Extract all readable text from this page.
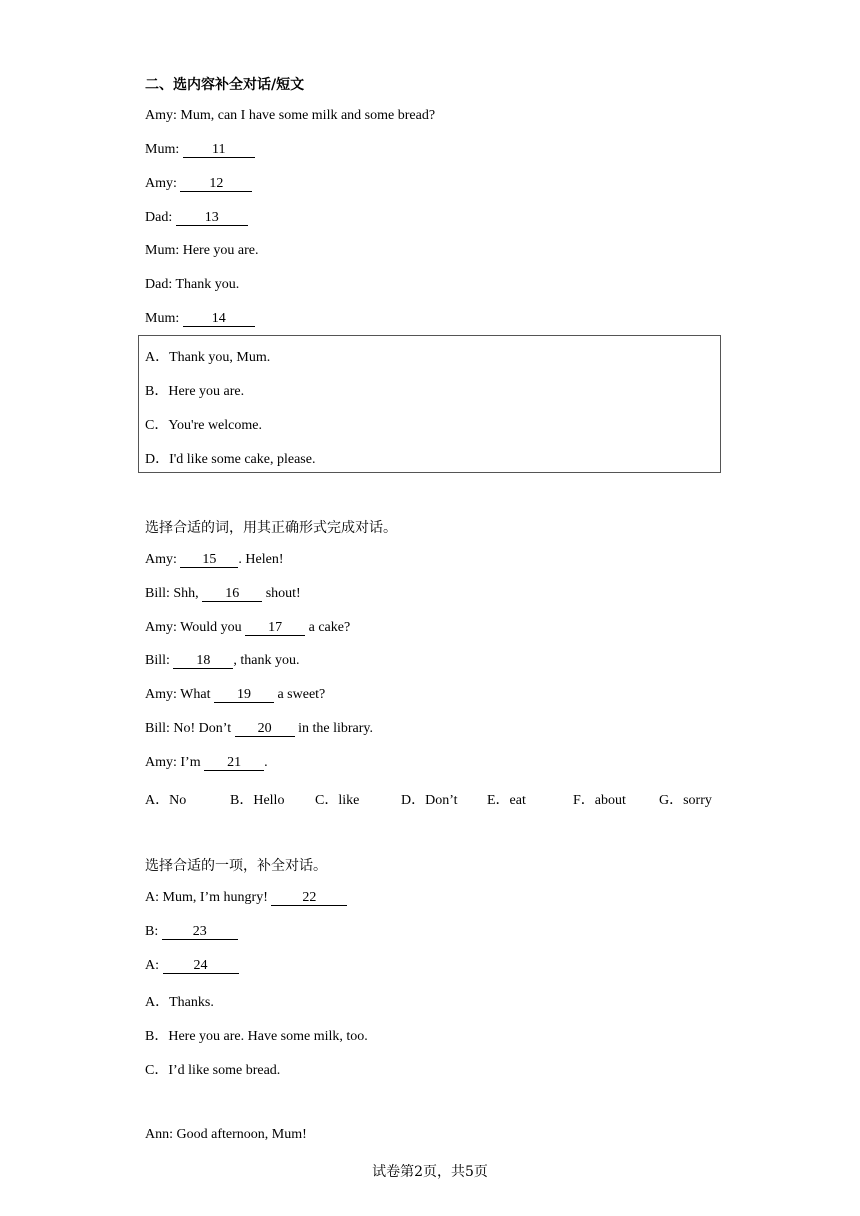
二、选内容补全对话/短文
Amy: Mum, can I have some milk and some bread?
Mum: 11
Amy: 12
Dad: 13
Mum: Here you are.
Dad: Thank you.
Mum: 14
A．Thank you, Mum.
B．Here you are.
C．You're welcome.
D．I'd like some cake, please.
选择合适的词，用其正确形式完成对话。
Amy: 15 . Helen!
Bill: Shh, 16 shout!
Amy: Would you 17 a cake?
Bill: 18 , thank you.
Amy: What 19 a sweet?
Bill: No! Don’t 20 in the library.
Amy: I’m 21 .
A．No	B．Hello C．like	D．Don’t E．eat	F．about G．sorry
选择合适的一项，补全对话。
A: Mum, I’m hungry! 22
B: 23
A: 24
A．Thanks.
B．Here you are. Have some milk, too.
C．I’d like some bread.
Ann: Good afternoon, Mum!
试卷第2页，共5页
